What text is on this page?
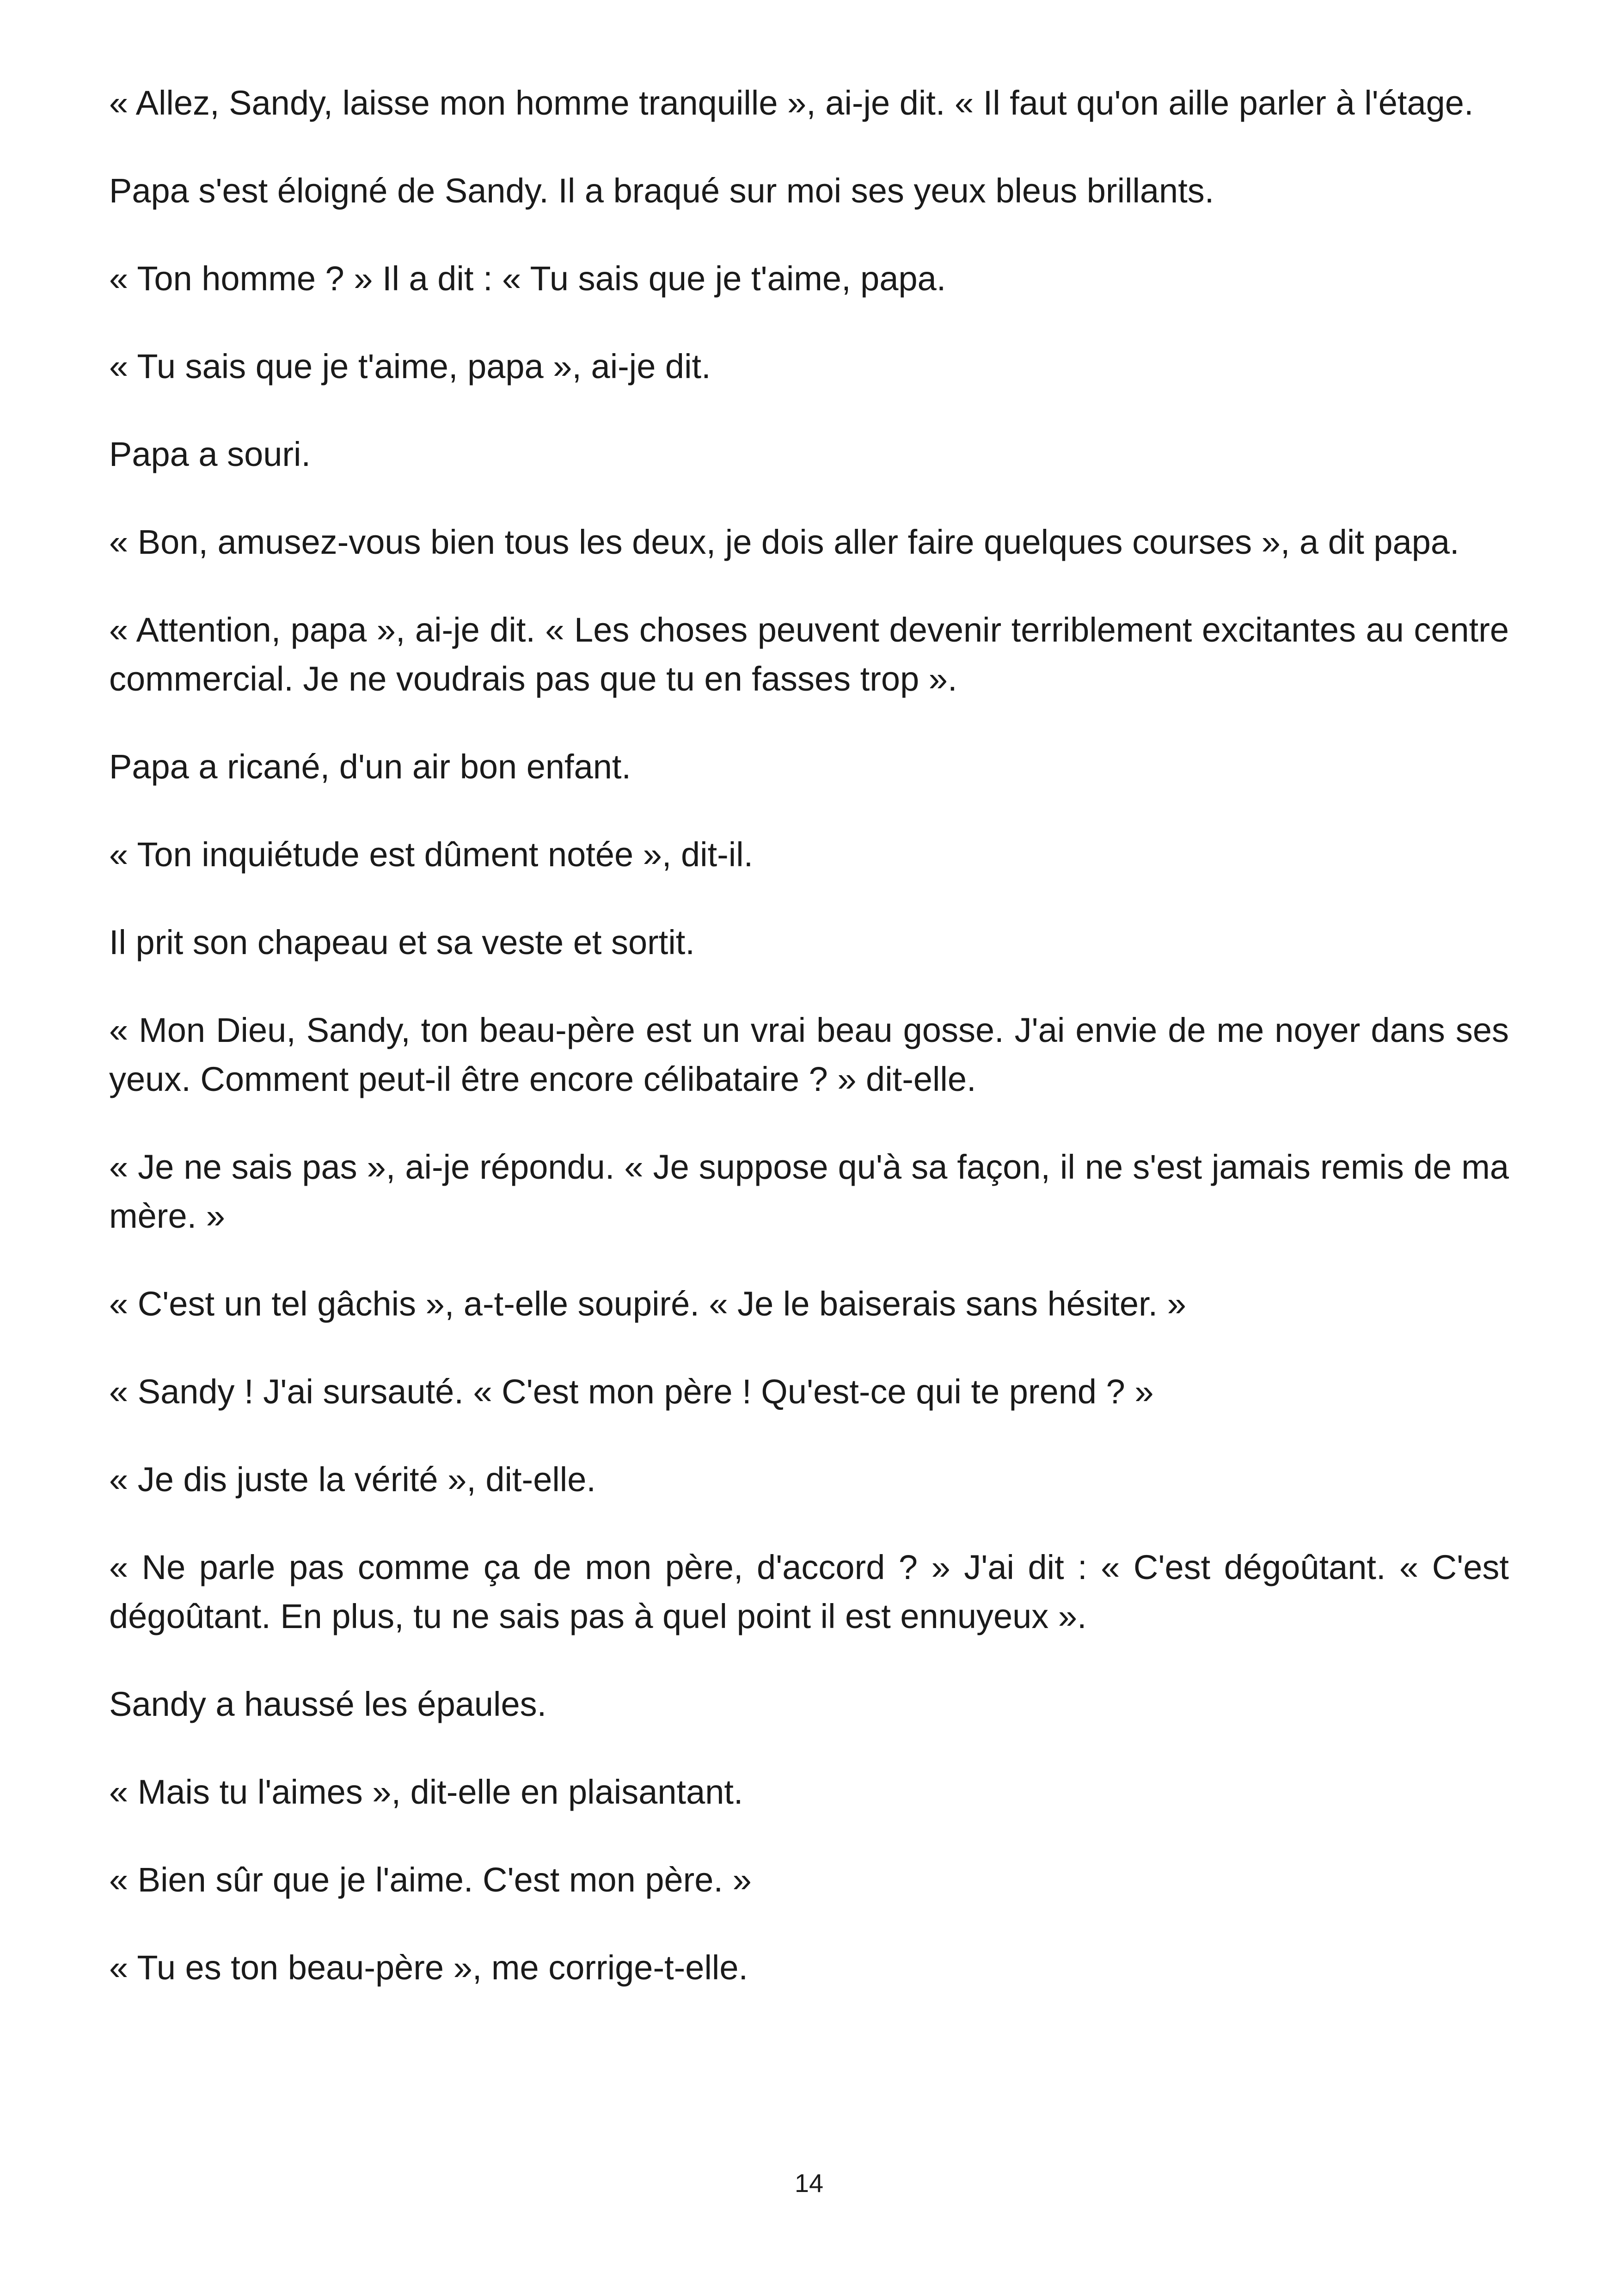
« Allez, Sandy, laisse mon homme tranquille », ai-je dit. « Il faut qu'on aille parler à l'étage.

Papa s'est éloigné de Sandy. Il a braqué sur moi ses yeux bleus brillants.

« Ton homme ? » Il a dit : « Tu sais que je t'aime, papa.

« Tu sais que je t'aime, papa », ai-je dit.

Papa a souri.

« Bon, amusez-vous bien tous les deux, je dois aller faire quelques courses », a dit papa.

« Attention, papa », ai-je dit. « Les choses peuvent devenir terriblement excitantes au centre commercial. Je ne voudrais pas que tu en fasses trop ».

Papa a ricané, d'un air bon enfant.

« Ton inquiétude est dûment notée », dit-il.

Il prit son chapeau et sa veste et sortit.

« Mon Dieu, Sandy, ton beau-père est un vrai beau gosse. J'ai envie de me noyer dans ses yeux. Comment peut-il être encore célibataire ? » dit-elle.

« Je ne sais pas », ai-je répondu. « Je suppose qu'à sa façon, il ne s'est jamais remis de ma mère. »

« C'est un tel gâchis », a-t-elle soupiré. « Je le baiserais sans hésiter. »

« Sandy ! J'ai sursauté. « C'est mon père ! Qu'est-ce qui te prend ? »

« Je dis juste la vérité », dit-elle.

« Ne parle pas comme ça de mon père, d'accord ? » J'ai dit : « C'est dégoûtant. « C'est dégoûtant. En plus, tu ne sais pas à quel point il est ennuyeux ».

Sandy a haussé les épaules.

« Mais tu l'aimes », dit-elle en plaisantant.

« Bien sûr que je l'aime. C'est mon père. »

« Tu es ton beau-père », me corrige-t-elle.

14
